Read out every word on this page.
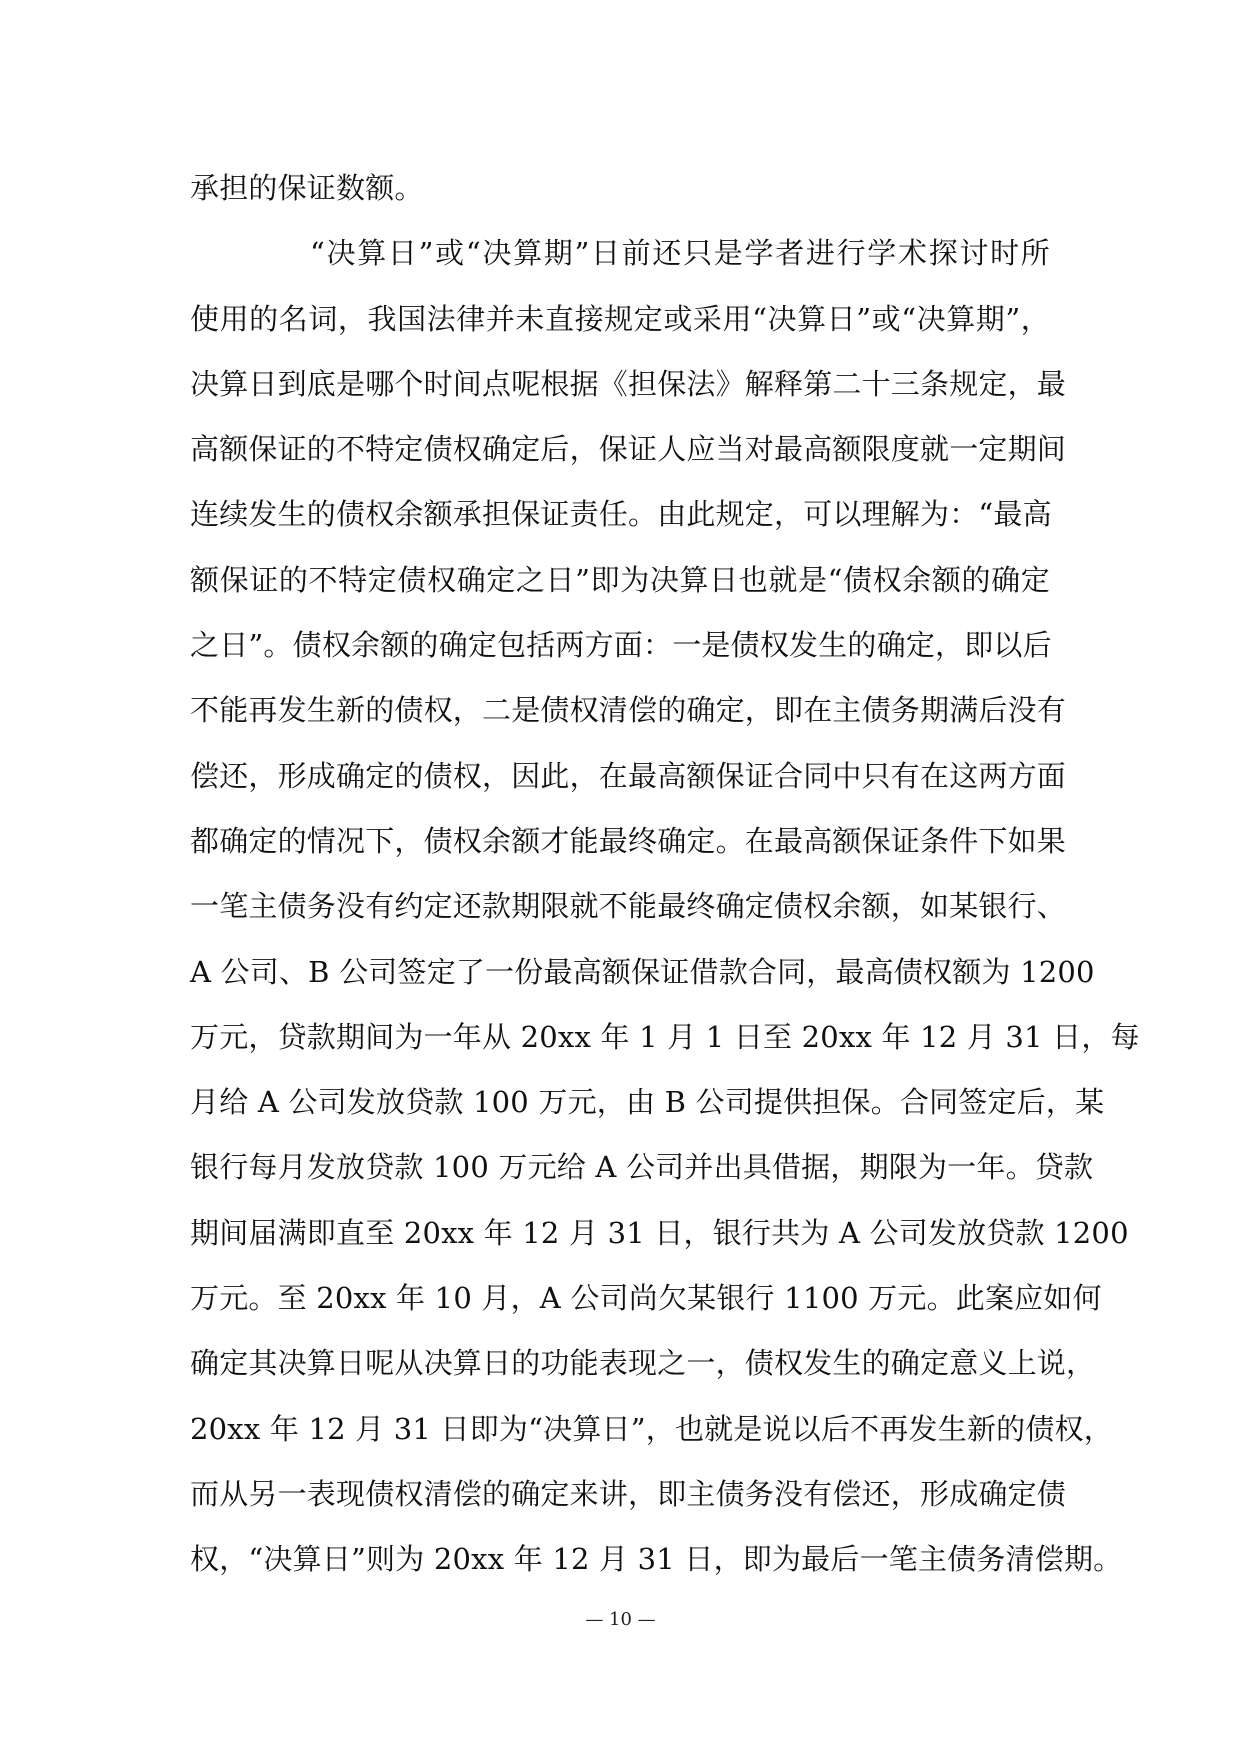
承担的保证数额。
“决算日”或“决算期”日前还只是学者进行学术探讨时所
使用的名词，我国法律并未直接规定或采用“决算日”或“决算期”，
决算日到底是哪个时间点呢根据《担保法》解释第二十三条规定，最
高额保证的不特定债权确定后，保证人应当对最高额限度就一定期间
连续发生的债权余额承担保证责任。由此规定，可以理解为：“最高
额保证的不特定债权确定之日”即为决算日也就是“债权余额的确定
之日”。债权余额的确定包括两方面：一是债权发生的确定，即以后
不能再发生新的债权，二是债权清偿的确定，即在主债务期满后没有
偿还，形成确定的债权，因此，在最高额保证合同中只有在这两方面
都确定的情况下，债权余额才能最终确定。在最高额保证条件下如果
一笔主债务没有约定还款期限就不能最终确定债权余额，如某银行、
A 公司、B 公司签定了一份最高额保证借款合同，最高债权额为 1200
万元，贷款期间为一年从 20xx 年 1 月 1 日至 20xx 年 12 月 31 日，每
月给 A 公司发放贷款 100 万元，由 B 公司提供担保。合同签定后，某
银行每月发放贷款 100 万元给 A 公司并出具借据，期限为一年。贷款
期间届满即直至 20xx 年 12 月 31 日，银行共为 A 公司发放贷款 1200
万元。至 20xx 年 10 月，A 公司尚欠某银行 1100 万元。此案应如何
确定其决算日呢从决算日的功能表现之一，债权发生的确定意义上说，
20xx 年 12 月 31 日即为“决算日”，也就是说以后不再发生新的债权，
而从另一表现债权清偿的确定来讲，即主债务没有偿还，形成确定债
权，“决算日”则为 20xx 年 12 月 31 日，即为最后一笔主债务清偿期。
— 10 —
